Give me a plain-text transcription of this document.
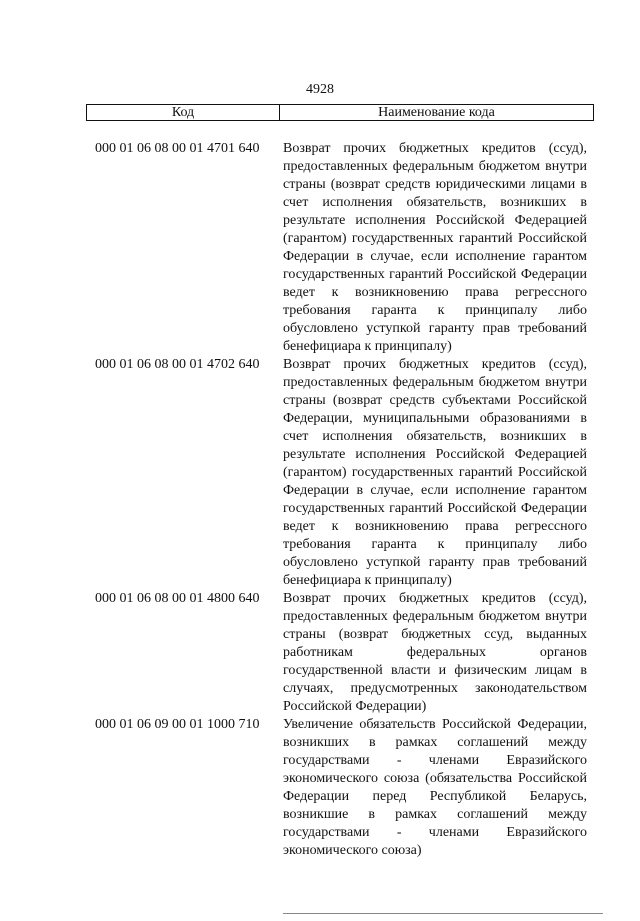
4928
Код	Наименование кода
000 01 06 08 00 01 4701 640	Возврат прочих бюджетных кредитов (ссуд), предоставленных федеральным бюджетом внутри страны (возврат средств юридическими лицами в счет исполнения обязательств, возникших в результате исполнения Российской Федерацией (гарантом) государственных гарантий Российской Федерации в случае, если исполнение гарантом государственных гарантий Российской Федерации ведет к возникновению права регрессного требования гаранта к принципалу либо обусловлено уступкой гаранту прав требований бенефициара к принципалу)
000 01 06 08 00 01 4702 640	Возврат прочих бюджетных кредитов (ссуд), предоставленных федеральным бюджетом внутри страны (возврат средств субъектами Российской Федерации, муниципальными образованиями в счет исполнения обязательств, возникших в результате исполнения Российской Федерацией (гарантом) государственных гарантий Российской Федерации в случае, если исполнение гарантом государственных гарантий Российской Федерации ведет к возникновению права регрессного требования гаранта к принципалу либо обусловлено уступкой гаранту прав требований бенефициара к принципалу)
000 01 06 08 00 01 4800 640	Возврат прочих бюджетных кредитов (ссуд), предоставленных федеральным бюджетом внутри страны (возврат бюджетных ссуд, выданных работникам федеральных органов государственной власти и физическим лицам в случаях, предусмотренных законодательством Российской Федерации)
000 01 06 09 00 01 1000 710	Увеличение обязательств Российской Федерации, возникших в рамках соглашений между государствами - членами Евразийского экономического союза (обязательства Российской Федерации перед Республикой Беларусь, возникшие в рамках соглашений между государствами - членами Евразийского экономического союза)
